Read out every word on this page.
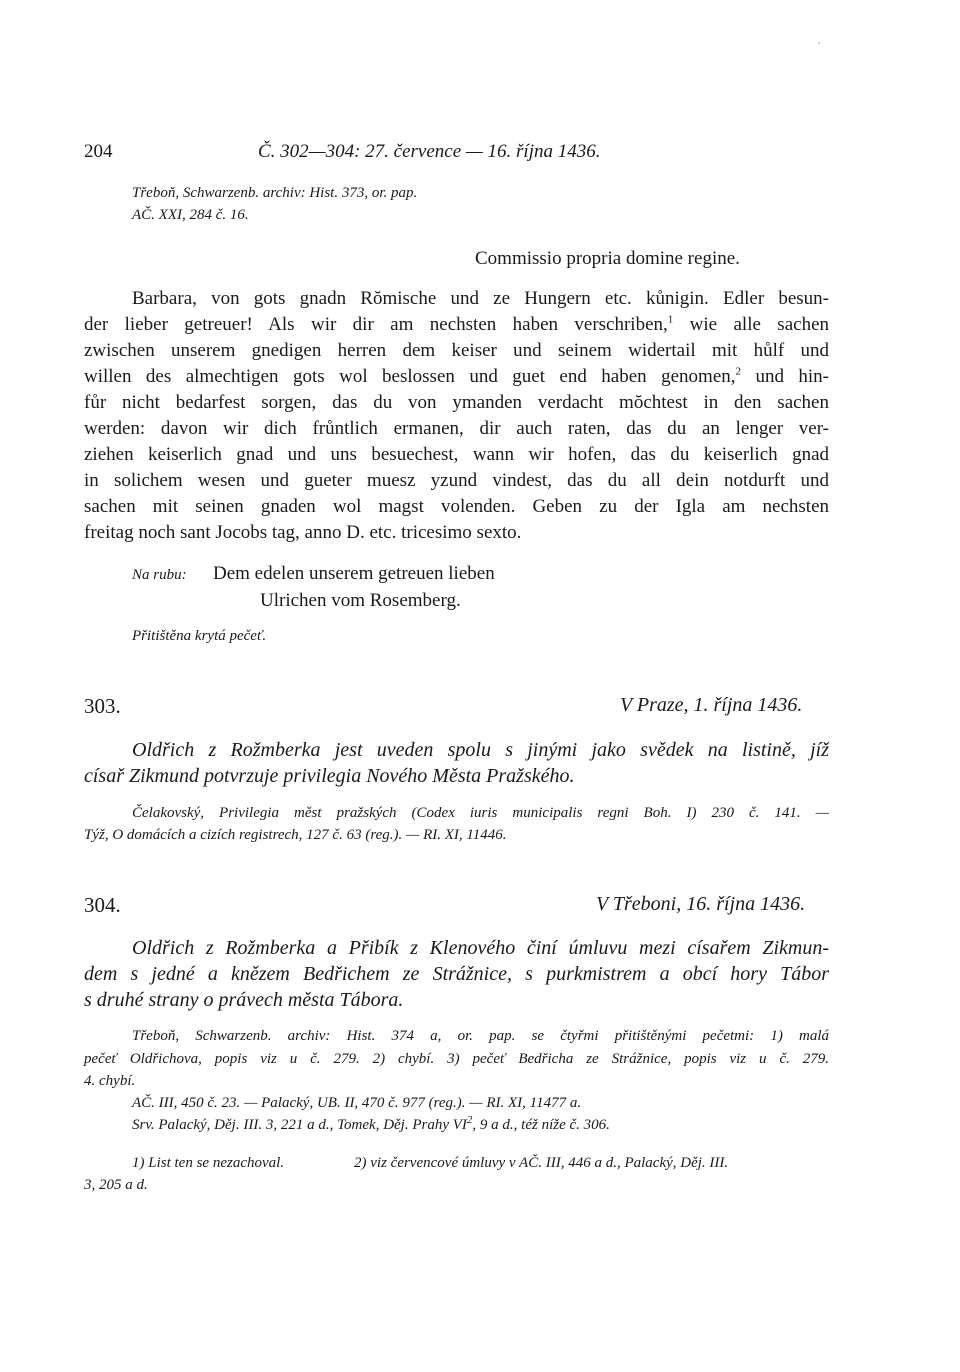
204	Č. 302—304: 27. července — 16. října 1436.
Třeboň, Schwarzenb. archiv: Hist. 373, or. pap.
AČ. XXI, 284 č. 16.
Commissio propria domine regine.
Barbara, von gots gnadn Rŏmische und ze Hungern etc. kůnigin. Edler besun-
der lieber getreuer! Als wir dir am nechsten haben verschriben,$^1$ wie alle sachen
zwischen unserem gnedigen herren dem keiser und seinem widertail mit hůlf und
willen des almechtigen gots wol beslossen und guet end haben genomen,$^2$ und hin-
fůr nicht bedarfest sorgen, das du von ymanden verdacht mŏchtest in den sachen
werden: davon wir dich frůntlich ermanen, dir auch raten, das du an lenger ver-
ziehen keiserlich gnad und uns besuechest, wann wir hofen, das du keiserlich gnad
in solichem wesen und gueter muesz yzund vindest, das du all dein notdurft und
sachen mit seinen gnaden wol magst volenden. Geben zu der Igla am nechsten
freitag noch sant Jocobs tag, anno D. etc. tricesimo sexto.
Na rubu: Dem edelen unserem getreuen lieben
Ulrichen vom Rosemberg.
Přitištěna krytá pečeť.
303.	V Praze, 1. října 1436.
Oldřich z Rožmberka jest uveden spolu s jinými jako svědek na listině, jíž
císař Zikmund potvrzuje privilegia Nového Města Pražského.
Čelakovský, Privilegia měst pražských (Codex iuris municipalis regni Boh. I) 230 č. 141. —
Týž, O domácích a cizích registrech, 127 č. 63 (reg.). — RI. XI, 11446.
304.	V Třeboni, 16. října 1436.
Oldřich z Rožmberka a Přibík z Klenového činí úmluvu mezi císařem Zikmun-
dem s jedné a knězem Bedřichem ze Strážnice, s purkmistrem a obcí hory Tábor
s druhé strany o právech města Tábora.
Třeboň, Schwarzenb. archiv: Hist. 374 a, or. pap. se čtyřmi přitištěnými pečetmi: 1) malá
pečeť Oldřichova, popis viz u č. 279. 2) chybí. 3) pečeť Bedřicha ze Strážnice, popis viz u č. 279.
4. chybí.
AČ. III, 450 č. 23. — Palacký, UB. II, 470 č. 977 (reg.). — RI. XI, 11477 a.
Srv. Palacký, Děj. III. 3, 221 a d., Tomek, Děj. Prahy $VI^2$, 9 a d., též níže č. 306.
1) List ten se nezachoval.	2) viz červencové úmluvy v AČ. III, 446 a d., Palacký, Děj. III.
3, 205 a d.
